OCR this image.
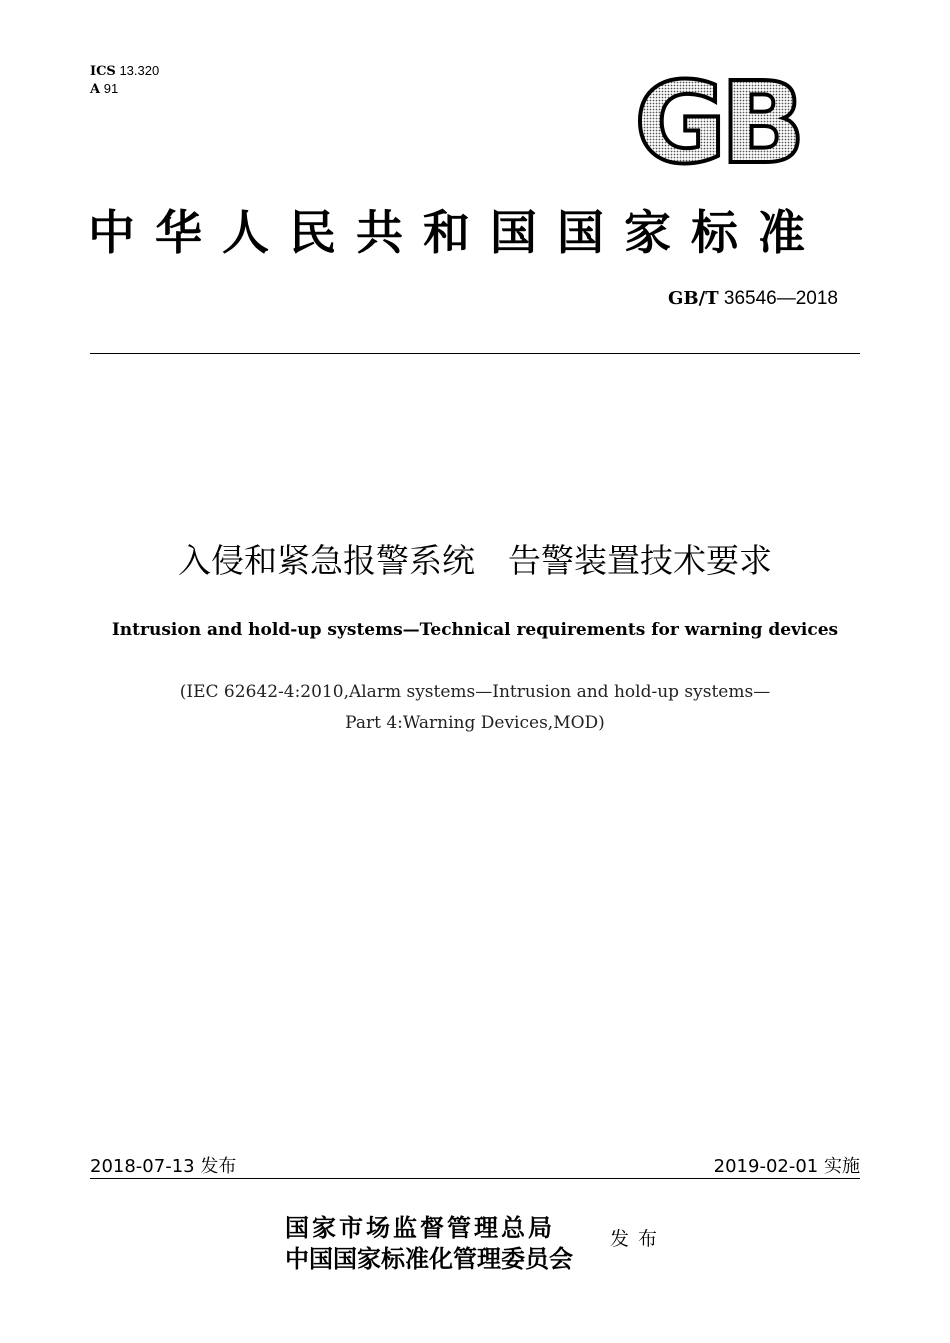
ICS 13.320
A 91	GB
中华人民共和国国家标准
GB/T 36546—2018
入侵和紧急报警系统　告警装置技术要求
Intrusion and hold-up systems—Technical requirements for warning devices
(IEC 62642-4:2010,Alarm systems—Intrusion and hold-up systems—
Part 4:Warning Devices,MOD)
2018-07-13 发布	2019-02-01 实施
国家市场监督管理总局
中国国家标准化管理委员会
发布
